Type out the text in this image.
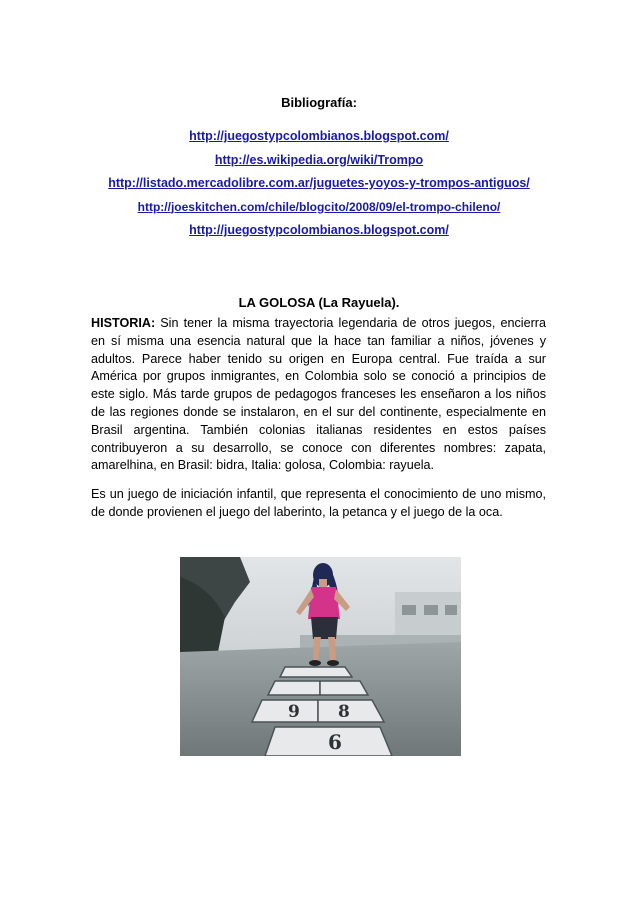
Bibliografía:
http://juegostypcolombianos.blogspot.com/
http://es.wikipedia.org/wiki/Trompo
http://listado.mercadolibre.com.ar/juguetes-yoyos-y-trompos-antiguos/
http://joeskitchen.com/chile/blogcito/2008/09/el-trompo-chileno/
http://juegostypcolombianos.blogspot.com/
LA GOLOSA (La Rayuela).

HISTORIA: Sin tener la misma trayectoria legendaria de otros juegos, encierra en sí misma una esencia natural que la hace tan familiar a niños, jóvenes y adultos. Parece haber tenido su origen en Europa central. Fue traída a sur América por grupos inmigrantes, en Colombia solo se conoció a principios de este siglo. Más tarde grupos de pedagogos franceses les enseñaron a los niños de las regiones donde se instalaron, en el sur del continente, especialmente en Brasil argentina. También colonias italianas residentes en estos países contribuyeron a su desarrollo, se conoce con diferentes nombres: zapata, amarelhina, en Brasil: bidra, Italia: golosa, Colombia: rayuela.

Es un juego de iniciación infantil, que representa el conocimiento de uno mismo, de donde provienen el juego del laberinto, la petanca y el juego de la oca.

9 8
6
